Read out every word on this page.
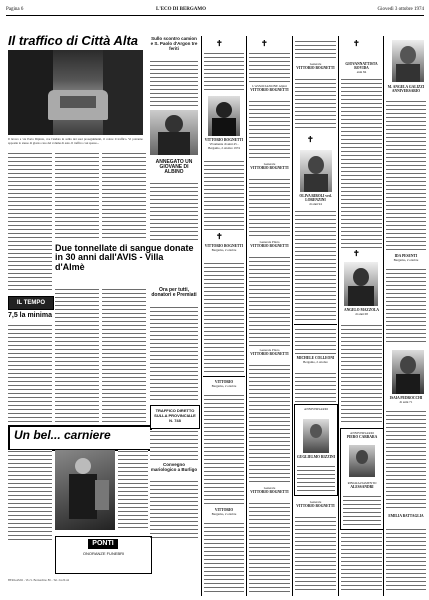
Pagina 6	L'ECO DI BERGAMO	Giovedì 3 ottobre 1974
Il traffico di Città Alta
Il lavoro a via Porta Dipinta, ove l'andata in salita dei suoi proseguimenti, il colore il traffico. Vi potranno apposite lo stesso di giorno caso del volume di auto. Il traffico così spesso...
Sullo scontro camion e S. Paolo d'Argon tre feriti
ANNEGATO UN GIOVANE DI ALBINO
Due tonnellate di sangue donate in 30 anni dall'AVIS - Villa d'Almè
Ora per tutti, donatori e Premiati
IL TEMPO
7,5 la minima
Un bel... carniere
TRAFFICO DIRETTO SULLA PROVINCIALE N. 748
Convegno mariologico a Burligo
PONTI
ONORANZE FUNEBRI
BERGAMO - Via S. Bernardino 86 - Tel. 24.20.44
✝
VITTORIO BOGNETTI
Vivamente di anni 45 - Bergamo, 2 ottobre 1974
✝
VITTORIO BOGNETTI
Bergamo, 2 ottobre
VITTORIO
Bergamo, 2 ottobre
VITTORIO
Bergamo, 2 ottobre
✝
L'ASSOCIAZIONE Alpini
VITTORIO BOGNETTI
Generale
VITTORIO BOGNETTI
Generale Pilota
VITTORIO BOGNETTI
Generale Pilota
VITTORIO BOGNETTI
Generale
VITTORIO BOGNETTI
Generale
VITTORIO BOGNETTI
✝
OLIVA RIBOLI ved. LORENZINI
di anni 94
MICHELE COLLEONI
Bergamo, 2 ottobre
ANNIVERSARIO
GUGLIELMO RIZZINI
Generale
VITTORIO BOGNETTI
✝
GIOVANNATTISTA ROVIDA
anni 84
✝
ANGELO MAZZOLA
di anni 68
ANNIVERSARIO
PIERO CARRARA
RINGRAZIAMENTO
ALESSANDRI
M. ANGELA GALIZZI ANNIVERSARIO
IDA PESENTI
Bergamo, 2 ottobre
ISAIA PEDROCCHI
di anni 71
EMILIA BATTAGLIA
